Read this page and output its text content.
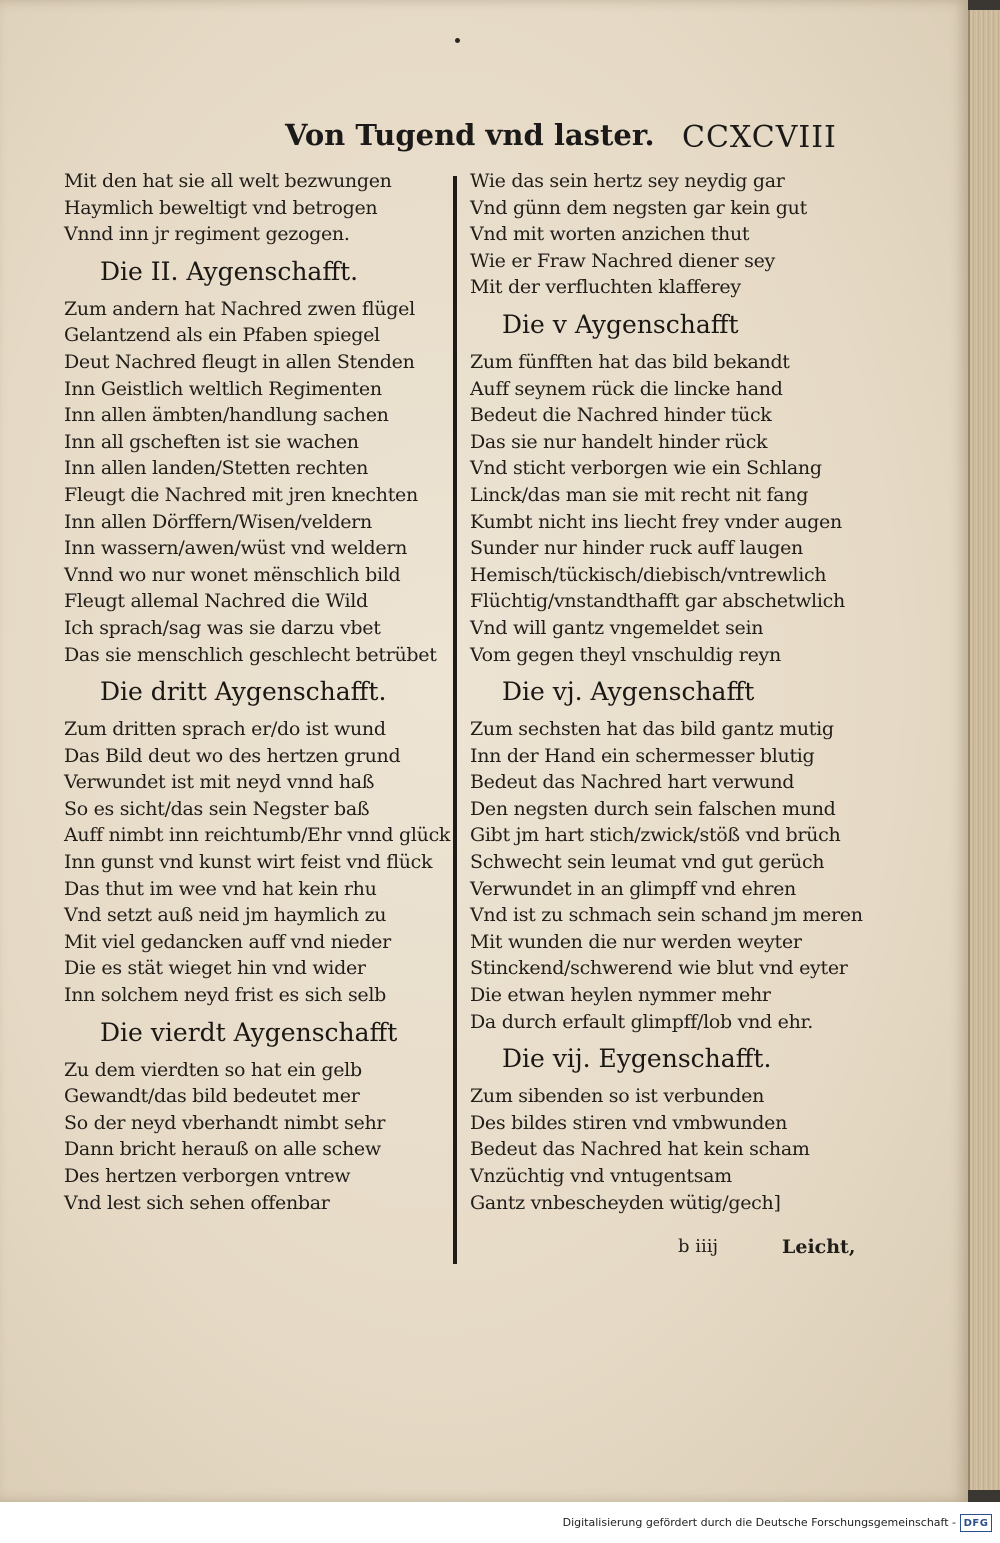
Von Tugend vnd laster. CCXCVIII
Mit den hat sie all welt bezwungen
Haymlich beweltigt vnd betrogen
Vnnd inn jr regiment gezogen.
Die II. Aygenschafft.
Zum andern hat Nachred zwen flügel
Gelantzend als ein Pfaben spiegel
Deut Nachred fleugt in allen Stenden
Inn Geistlich weltlich Regimenten
Inn allen ämbten/handlung sachen
Inn all gscheften ist sie wachen
Inn allen landen/Stetten rechten
Fleugt die Nachred mit jren knechten
Inn allen Dörffern/Wisen/veldern
Inn wassern/awen/wüst vnd weldern
Vnnd wo nur wonet mënschlich bild
Fleugt allemal Nachred die Wild
Ich sprach/sag was sie darzu vbet
Das sie menschlich geschlecht betrübet
Die dritt Aygenschafft.
Zum dritten sprach er/do ist wund
Das Bild deut wo des hertzen grund
Verwundet ist mit neyd vnnd haß
So es sicht/das sein Negster baß
Auff nimbt inn reichtumb/Ehr vnnd glück
Inn gunst vnd kunst wirt feist vnd flück
Das thut im wee vnd hat kein rhu
Vnd setzt auß neid jm haymlich zu
Mit viel gedancken auff vnd nieder
Die es stät wieget hin vnd wider
Inn solchem neyd frist es sich selb
Die vierdt Aygenschafft
Zu dem vierdten so hat ein gelb
Gewandt/das bild bedeutet mer
So der neyd vberhandt nimbt sehr
Dann bricht herauß on alle schew
Des hertzen verborgen vntrew
Vnd lest sich sehen offenbar
Wie das sein hertz sey neydig gar
Vnd günn dem negsten gar kein gut
Vnd mit worten anzichen thut
Wie er Fraw Nachred diener sey
Mit der verfluchten klafferey
Die v Aygenschafft
Zum fünfften hat das bild bekandt
Auff seynem rück die lincke hand
Bedeut die Nachred hinder tück
Das sie nur handelt hinder rück
Vnd sticht verborgen wie ein Schlang
Linck/das man sie mit recht nit fang
Kumbt nicht ins liecht frey vnder augen
Sunder nur hinder ruck auff laugen
Hemisch/tückisch/diebisch/vntrewlich
Flüchtig/vnstandthafft gar abschetwlich
Vnd will gantz vngemeldet sein
Vom gegen theyl vnschuldig reyn
Die vj. Aygenschafft
Zum sechsten hat das bild gantz mutig
Inn der Hand ein schermesser blutig
Bedeut das Nachred hart verwund
Den negsten durch sein falschen mund
Gibt jm hart stich/zwick/stöß vnd brüch
Schwecht sein leumat vnd gut gerüch
Verwundet in an glimpff vnd ehren
Vnd ist zu schmach sein schand jm meren
Mit wunden die nur werden weyter
Stinckend/schwerend wie blut vnd eyter
Die etwan heylen nymmer mehr
Da durch erfault glimpff/lob vnd ehr.
Die vij. Eygenschafft.
Zum sibenden so ist verbunden
Des bildes stiren vnd vmbwunden
Bedeut das Nachred hat kein scham
Vnzüchtig vnd vntugentsam
Gantz vnbescheyden wütig/gech]
b iiij	Leicht,
Digitalisierung gefördert durch die Deutsche Forschungsgemeinschaft - DFG
